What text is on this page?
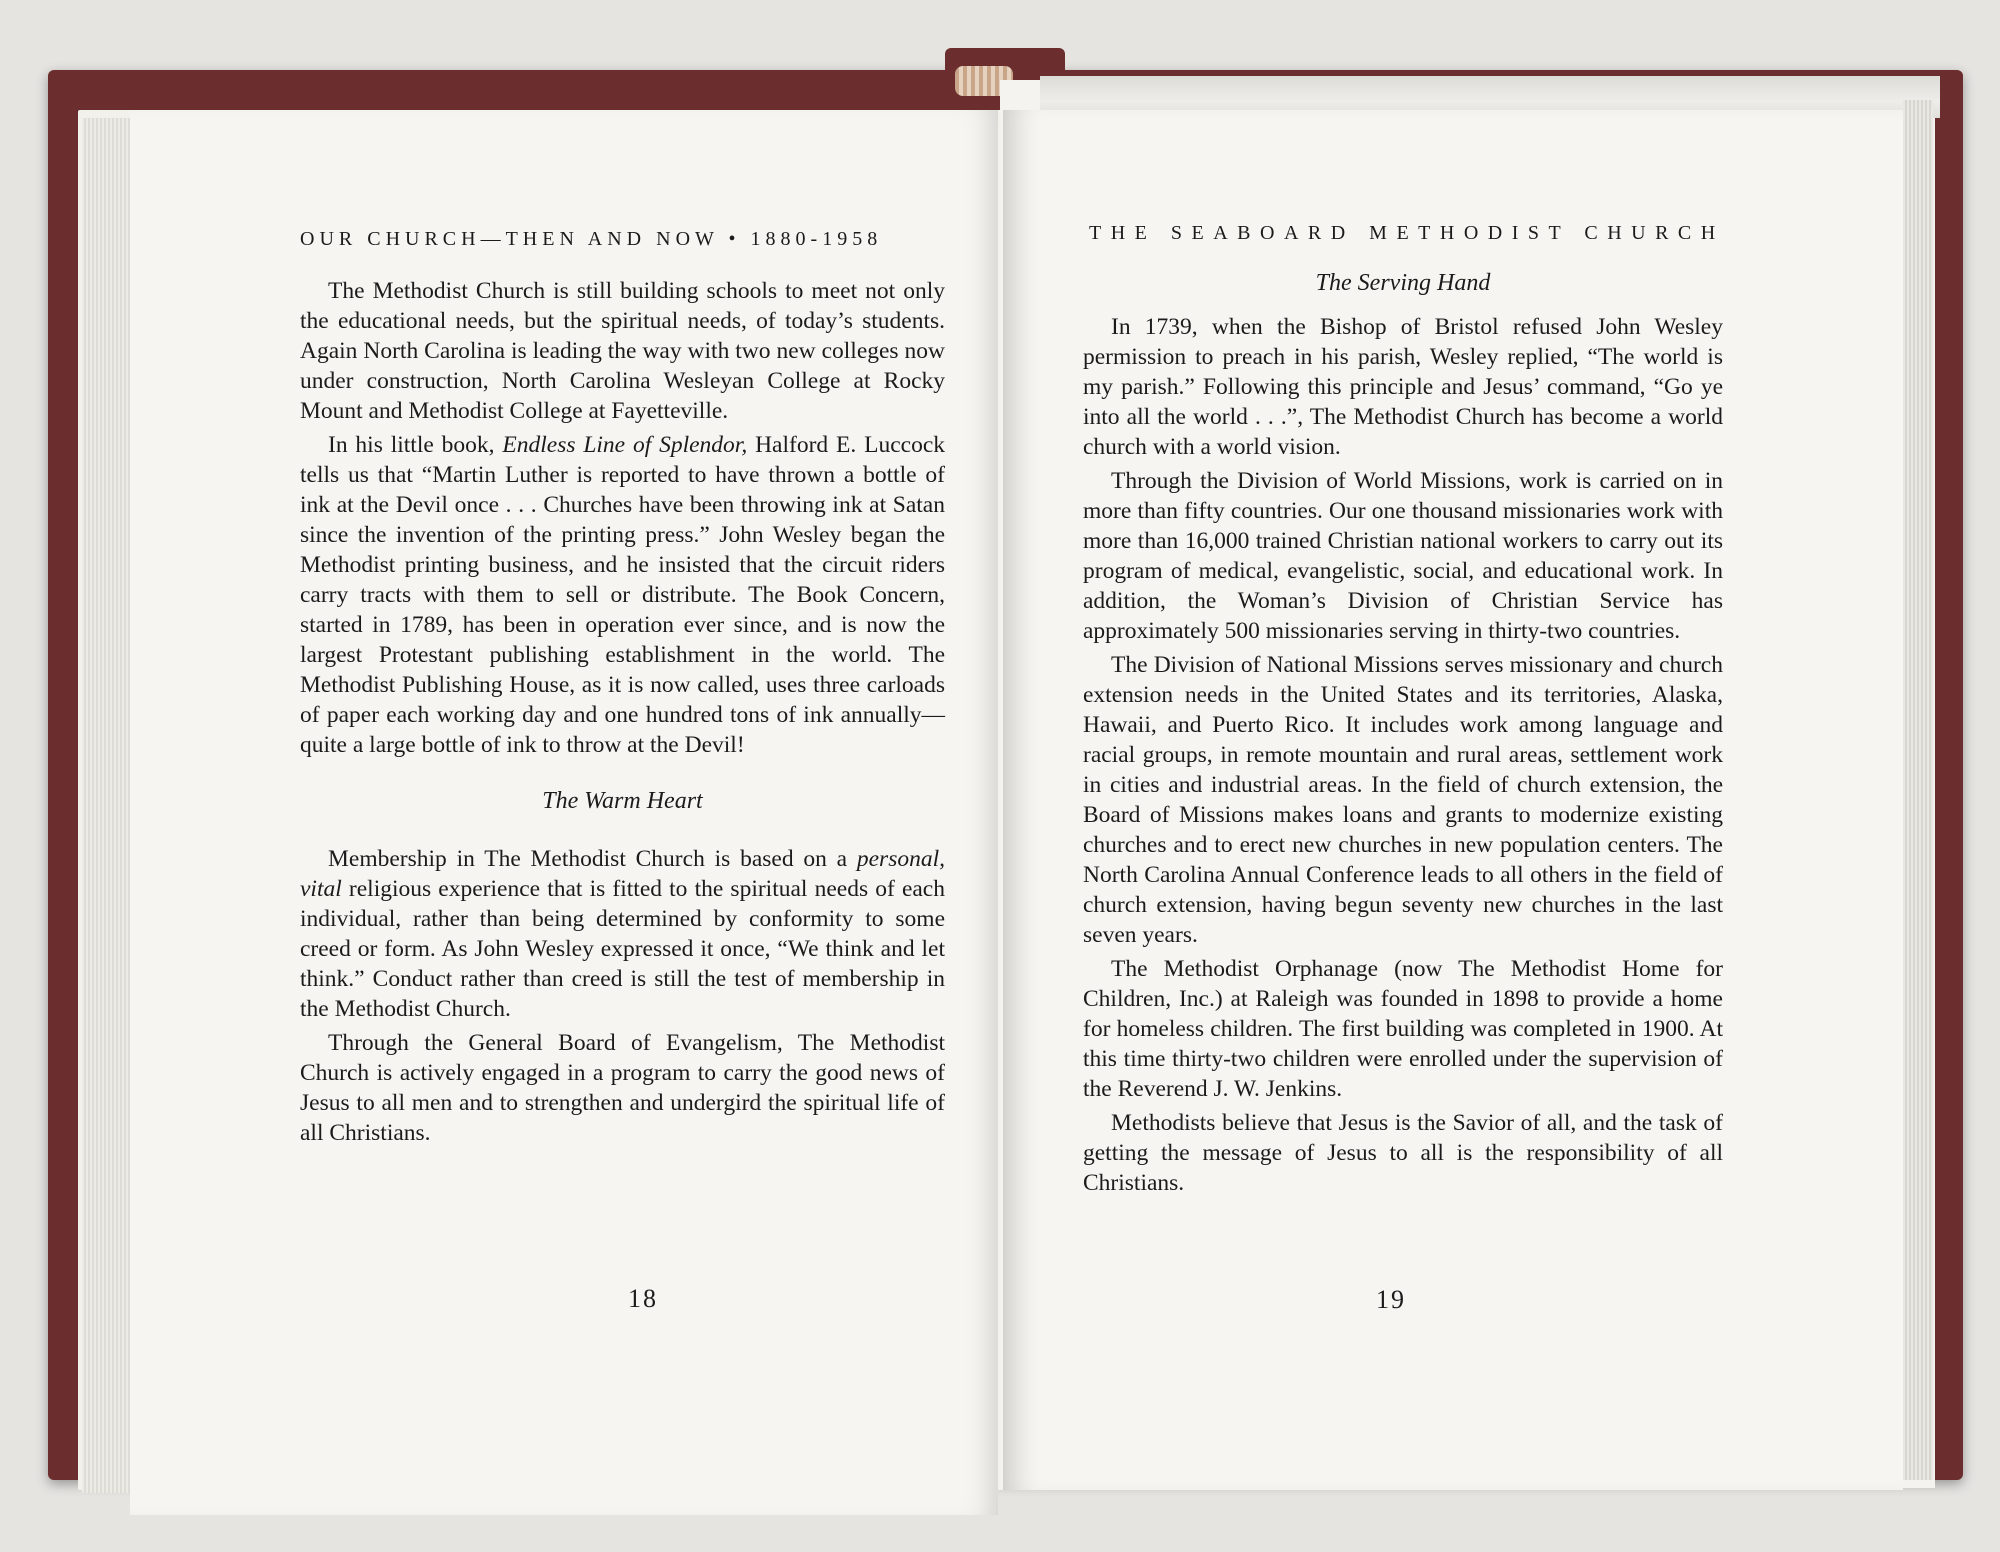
OUR CHURCH—THEN AND NOW • 1880-1958

The Methodist Church is still building schools to meet not only the educational needs, but the spiritual needs, of today’s students. Again North Carolina is leading the way with two new colleges now under construction, North Carolina Wesleyan College at Rocky Mount and Methodist College at Fayetteville.

In his little book, Endless Line of Splendor, Halford E. Luccock tells us that “Martin Luther is reported to have thrown a bottle of ink at the Devil once . . . Churches have been throwing ink at Satan since the invention of the printing press.” John Wesley began the Methodist printing business, and he insisted that the circuit riders carry tracts with them to sell or distribute. The Book Concern, started in 1789, has been in operation ever since, and is now the largest Protestant publishing establishment in the world. The Methodist Publishing House, as it is now called, uses three carloads of paper each working day and one hundred tons of ink annually—quite a large bottle of ink to throw at the Devil!

The Warm Heart

Membership in The Methodist Church is based on a personal, vital religious experience that is fitted to the spiritual needs of each individual, rather than being determined by conformity to some creed or form. As John Wesley expressed it once, “We think and let think.” Conduct rather than creed is still the test of membership in the Methodist Church.

Through the General Board of Evangelism, The Methodist Church is actively engaged in a program to carry the good news of Jesus to all men and to strengthen and undergird the spiritual life of all Christians.

18
THE SEABOARD METHODIST CHURCH

The Serving Hand

In 1739, when the Bishop of Bristol refused John Wesley permission to preach in his parish, Wesley replied, “The world is my parish.” Following this principle and Jesus’ command, “Go ye into all the world . . .”, The Methodist Church has become a world church with a world vision.

Through the Division of World Missions, work is carried on in more than fifty countries. Our one thousand missionaries work with more than 16,000 trained Christian national workers to carry out its program of medical, evangelistic, social, and educational work. In addition, the Woman’s Division of Christian Service has approximately 500 missionaries serving in thirty-two countries.

The Division of National Missions serves missionary and church extension needs in the United States and its territories, Alaska, Hawaii, and Puerto Rico. It includes work among language and racial groups, in remote mountain and rural areas, settlement work in cities and industrial areas. In the field of church extension, the Board of Missions makes loans and grants to modernize existing churches and to erect new churches in new population centers. The North Carolina Annual Conference leads to all others in the field of church extension, having begun seventy new churches in the last seven years.

The Methodist Orphanage (now The Methodist Home for Children, Inc.) at Raleigh was founded in 1898 to provide a home for homeless children. The first building was completed in 1900. At this time thirty-two children were enrolled under the supervision of the Reverend J. W. Jenkins.

Methodists believe that Jesus is the Savior of all, and the task of getting the message of Jesus to all is the responsibility of all Christians.

19
